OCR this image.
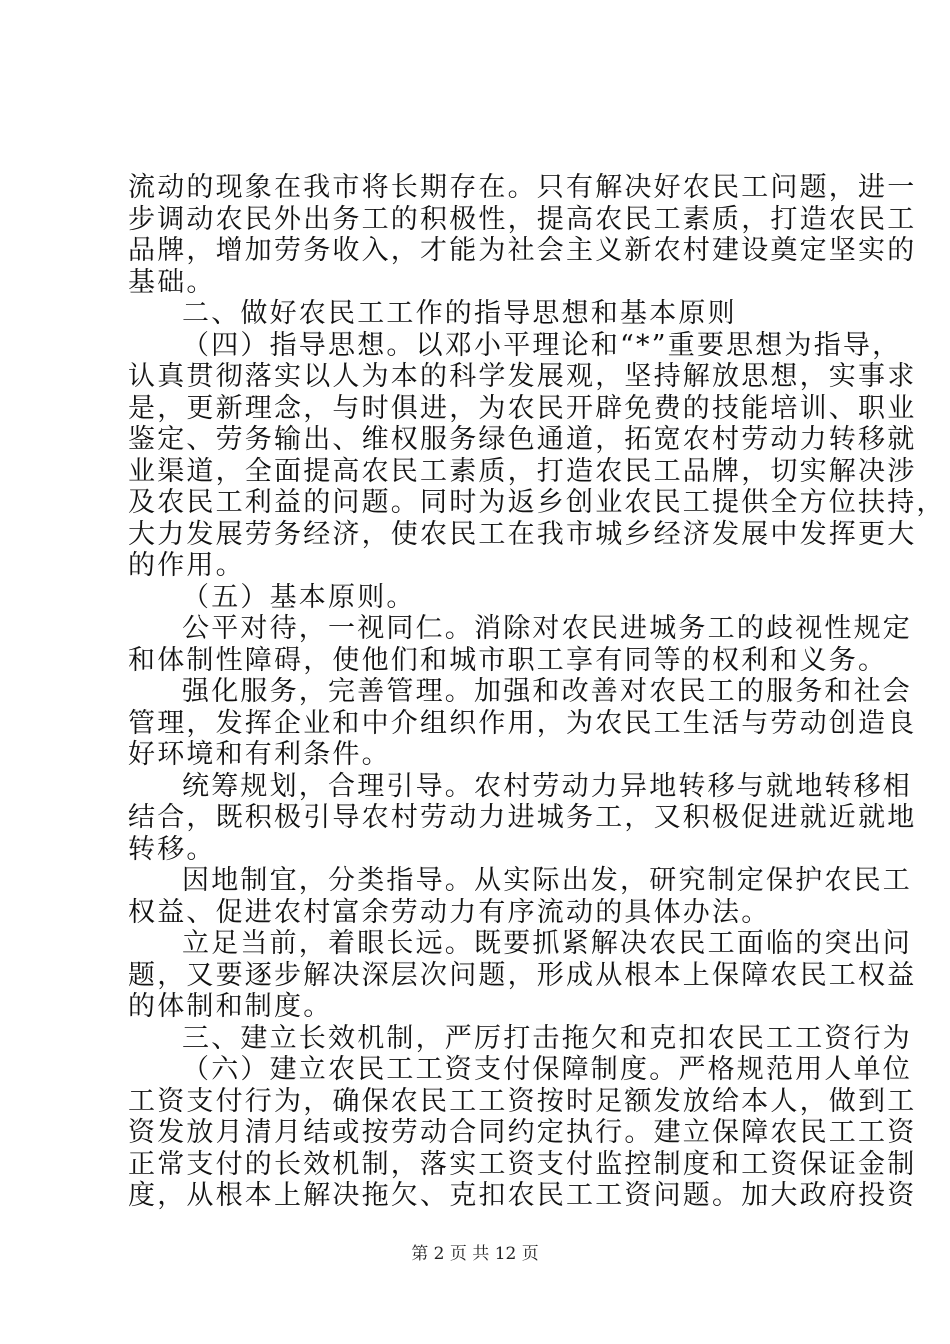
流动的现象在我市将长期存在。只有解决好农民工问题，进一
步调动农民外出务工的积极性，提高农民工素质，打造农民工
品牌，增加劳务收入，才能为社会主义新农村建设奠定坚实的
基础。
二、做好农民工工作的指导思想和基本原则
（四）指导思想。以邓小平理论和“*”重要思想为指导，
认真贯彻落实以人为本的科学发展观，坚持解放思想，实事求
是，更新理念，与时俱进，为农民开辟免费的技能培训、职业
鉴定、劳务输出、维权服务绿色通道，拓宽农村劳动力转移就
业渠道，全面提高农民工素质，打造农民工品牌，切实解决涉
及农民工利益的问题。同时为返乡创业农民工提供全方位扶持，
大力发展劳务经济，使农民工在我市城乡经济发展中发挥更大
的作用。
（五）基本原则。
公平对待，一视同仁。消除对农民进城务工的歧视性规定
和体制性障碍，使他们和城市职工享有同等的权利和义务。
强化服务，完善管理。加强和改善对农民工的服务和社会
管理，发挥企业和中介组织作用，为农民工生活与劳动创造良
好环境和有利条件。
统筹规划，合理引导。农村劳动力异地转移与就地转移相
结合，既积极引导农村劳动力进城务工，又积极促进就近就地
转移。
因地制宜，分类指导。从实际出发，研究制定保护农民工
权益、促进农村富余劳动力有序流动的具体办法。
立足当前，着眼长远。既要抓紧解决农民工面临的突出问
题，又要逐步解决深层次问题，形成从根本上保障农民工权益
的体制和制度。
三、建立长效机制，严厉打击拖欠和克扣农民工工资行为
（六）建立农民工工资支付保障制度。严格规范用人单位
工资支付行为，确保农民工工资按时足额发放给本人，做到工
资发放月清月结或按劳动合同约定执行。建立保障农民工工资
正常支付的长效机制，落实工资支付监控制度和工资保证金制
度，从根本上解决拖欠、克扣农民工工资问题。加大政府投资
第 2 页 共 12 页
